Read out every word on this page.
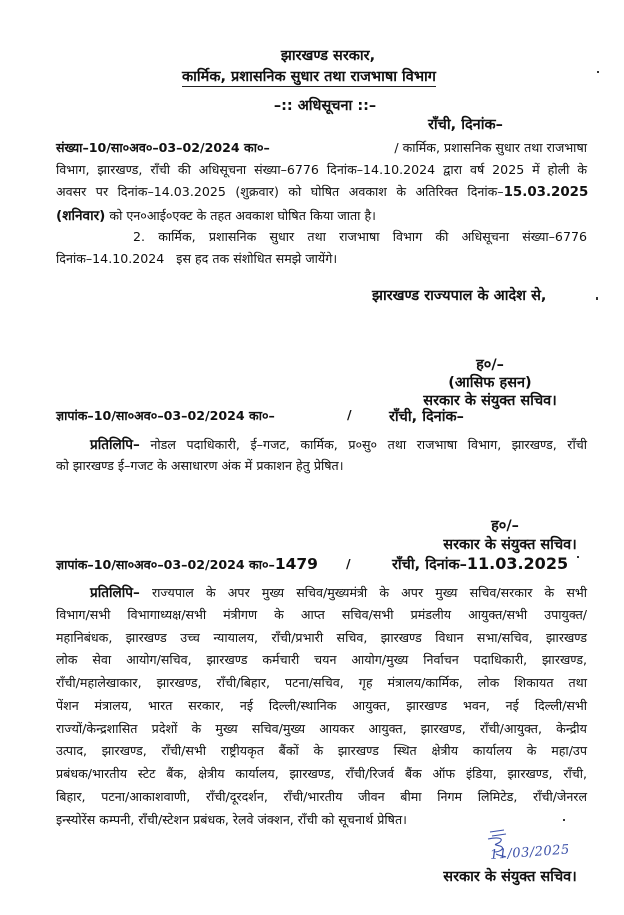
झारखण्ड सरकार,
कार्मिक, प्रशासनिक सुधार तथा राजभाषा विभाग
–:: अधिसूचना ::–
राँची, दिनांक–
संख्या–10/सा०अव०–03–02/2024 का०–	/ कार्मिक, प्रशासनिक सुधार तथा राजभाषा
विभाग, झारखण्ड, राँची की अधिसूचना संख्या–6776 दिनांक–14.10.2024 द्वारा वर्ष 2025 में होली के
अवसर पर दिनांक–14.03.2025 (शुक्रवार) को घोषित अवकाश के अतिरिक्त दिनांक–15.03.2025
(शनिवार) को एन०आई०एक्ट के तहत अवकाश घोषित किया जाता है।
2. कार्मिक, प्रशासनिक सुधार तथा राजभाषा विभाग की अधिसूचना संख्या–6776
दिनांक–14.10.2024   इस हद तक संशोधित समझे जायेंगे।
झारखण्ड राज्यपाल के आदेश से,
ह०/–
(आसिफ हसन)
सरकार के संयुक्त सचिव।
ज्ञापांक–10/सा०अव०–03–02/2024 का०–	/	राँची, दिनांक–
प्रतिलिपि– नोडल पदाधिकारी, ई–गजट, कार्मिक, प्र०सु० तथा राजभाषा विभाग, झारखण्ड, राँची
को झारखण्ड ई–गजट के असाधारण अंक में प्रकाशन हेतु प्रेषित।
ह०/–
सरकार के संयुक्त सचिव।
ज्ञापांक–10/सा०अव०–03–02/2024 का०–1479 /	राँची, दिनांक–11.03.2025
प्रतिलिपि– राज्यपाल के अपर मुख्य सचिव/मुख्यमंत्री के अपर मुख्य सचिव/सरकार के सभी
विभाग/सभी विभागाध्यक्ष/सभी मंत्रीगण के आप्त सचिव/सभी प्रमंडलीय आयुक्त/सभी उपायुक्त/
महानिबंधक, झारखण्ड उच्च न्यायालय, राँची/प्रभारी सचिव, झारखण्ड विधान सभा/सचिव, झारखण्ड
लोक सेवा आयोग/सचिव, झारखण्ड कर्मचारी चयन आयोग/मुख्य निर्वाचन पदाधिकारी, झारखण्ड,
राँची/महालेखाकार, झारखण्ड, राँची/बिहार, पटना/सचिव, गृह मंत्रालय/कार्मिक, लोक शिकायत तथा
पेंशन मंत्रालय, भारत सरकार, नई दिल्ली/स्थानिक आयुक्त, झारखण्ड भवन, नई दिल्ली/सभी
राज्यों/केन्द्रशासित प्रदेशों के मुख्य सचिव/मुख्य आयकर आयुक्त, झारखण्ड, राँची/आयुक्त, केन्द्रीय
उत्पाद, झारखण्ड, राँची/सभी राष्ट्रीयकृत बैंकों के झारखण्ड स्थित क्षेत्रीय कार्यालय के महा/उप
प्रबंधक/भारतीय स्टेट बैंक, क्षेत्रीय कार्यालय, झारखण्ड, राँची/रिजर्व बैंक ऑफ इंडिया, झारखण्ड, राँची,
बिहार, पटना/आकाशवाणी, राँची/दूरदर्शन, राँची/भारतीय जीवन बीमा निगम लिमिटेड, राँची/जेनरल
इन्स्योरेंस कम्पनी, राँची/स्टेशन प्रबंधक, रेलवे जंक्शन, राँची को सूचनार्थ प्रेषित।
11/03/2025
सरकार के संयुक्त सचिव।
